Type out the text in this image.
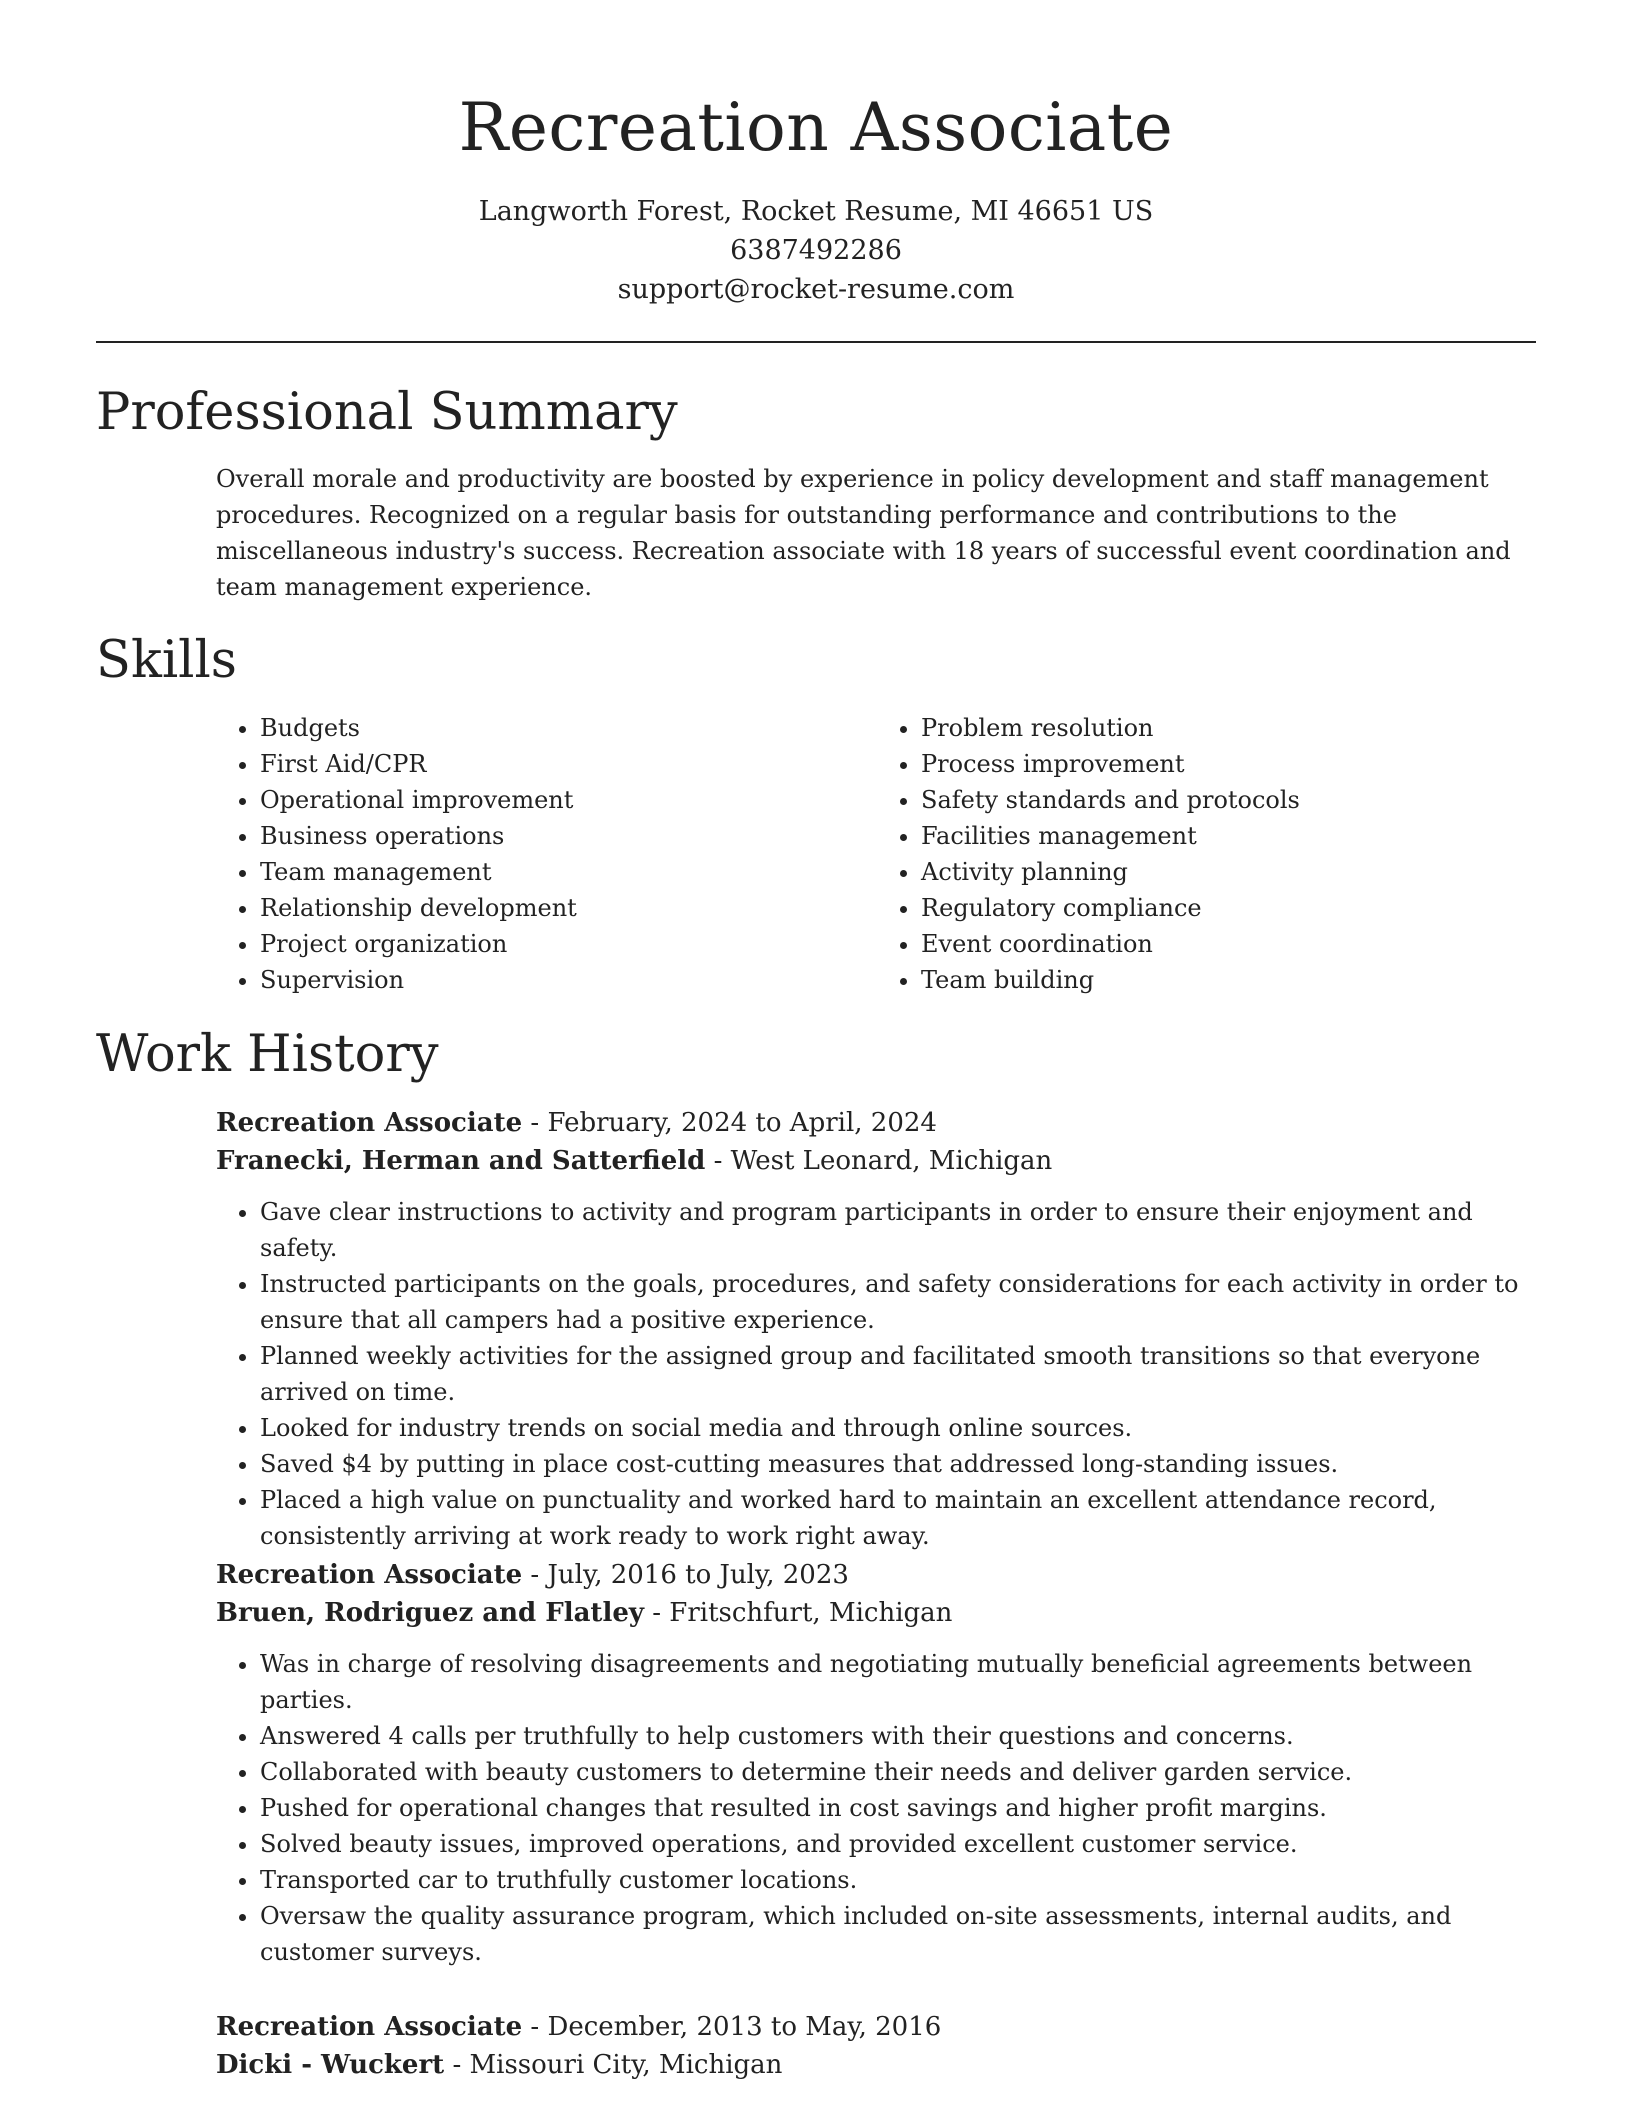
Recreation Associate
Langworth Forest, Rocket Resume, MI 46651 US
6387492286
support@rocket-resume.com
Professional Summary

Overall morale and productivity are boosted by experience in policy development and staff management procedures. Recognized on a regular basis for outstanding performance and contributions to the miscellaneous industry's success. Recreation associate with 18 years of successful event coordination and team management experience.

Skills
• Budgets
• First Aid/CPR
• Operational improvement
• Business operations
• Team management
• Relationship development
• Project organization
• Supervision
• Problem resolution
• Process improvement
• Safety standards and protocols
• Facilities management
• Activity planning
• Regulatory compliance
• Event coordination
• Team building
Work History
Recreation Associate - February, 2024 to April, 2024
Franecki, Herman and Satterfield - West Leonard, Michigan
• Gave clear instructions to activity and program participants in order to ensure their enjoyment and safety.
• Instructed participants on the goals, procedures, and safety considerations for each activity in order to ensure that all campers had a positive experience.
• Planned weekly activities for the assigned group and facilitated smooth transitions so that everyone arrived on time.
• Looked for industry trends on social media and through online sources.
• Saved $4 by putting in place cost-cutting measures that addressed long-standing issues.
• Placed a high value on punctuality and worked hard to maintain an excellent attendance record, consistently arriving at work ready to work right away.
Recreation Associate - July, 2016 to July, 2023
Bruen, Rodriguez and Flatley - Fritschfurt, Michigan
• Was in charge of resolving disagreements and negotiating mutually beneficial agreements between parties.
• Answered 4 calls per truthfully to help customers with their questions and concerns.
• Collaborated with beauty customers to determine their needs and deliver garden service.
• Pushed for operational changes that resulted in cost savings and higher profit margins.
• Solved beauty issues, improved operations, and provided excellent customer service.
• Transported car to truthfully customer locations.
• Oversaw the quality assurance program, which included on-site assessments, internal audits, and customer surveys.
Recreation Associate - December, 2013 to May, 2016
Dicki - Wuckert - Missouri City, Michigan
